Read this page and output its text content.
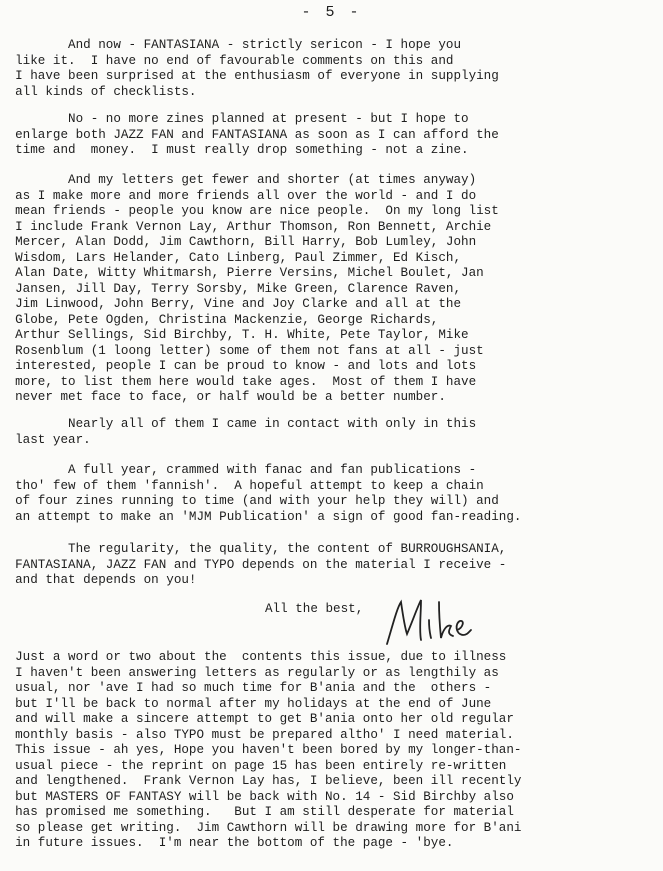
- 5 -
And now - FANTASIANA - strictly sericon - I hope you
like it.  I have no end of favourable comments on this and
I have been surprised at the enthusiasm of everyone in supplying
all kinds of checklists.
No - no more zines planned at present - but I hope to
enlarge both JAZZ FAN and FANTASIANA as soon as I can afford the
time and  money.  I must really drop something - not a zine.
And my letters get fewer and shorter (at times anyway)
as I make more and more friends all over the world - and I do
mean friends - people you know are nice people.  On my long list
I include Frank Vernon Lay, Arthur Thomson, Ron Bennett, Archie
Mercer, Alan Dodd, Jim Cawthorn, Bill Harry, Bob Lumley, John
Wisdom, Lars Helander, Cato Linberg, Paul Zimmer, Ed Kisch,
Alan Date, Witty Whitmarsh, Pierre Versins, Michel Boulet, Jan
Jansen, Jill Day, Terry Sorsby, Mike Green, Clarence Raven,
Jim Linwood, John Berry, Vine and Joy Clarke and all at the
Globe, Pete Ogden, Christina Mackenzie, George Richards,
Arthur Sellings, Sid Birchby, T. H. White, Pete Taylor, Mike
Rosenblum (1 loong letter) some of them not fans at all - just
interested, people I can be proud to know - and lots and lots
more, to list them here would take ages.  Most of them I have
never met face to face, or half would be a better number.
Nearly all of them I came in contact with only in this
last year.
A full year, crammed with fanac and fan publications -
tho' few of them 'fannish'.  A hopeful attempt to keep a chain
of four zines running to time (and with your help they will) and
an attempt to make an 'MJM Publication' a sign of good fan-reading.
The regularity, the quality, the content of BURROUGHSANIA,
FANTASIANA, JAZZ FAN and TYPO depends on the material I receive -
and that depends on you!
All the best,
Just a word or two about the  contents this issue, due to illness
I haven't been answering letters as regularly or as lengthily as
usual, nor 'ave I had so much time for B'ania and the  others -
but I'll be back to normal after my holidays at the end of June
and will make a sincere attempt to get B'ania onto her old regular
monthly basis - also TYPO must be prepared altho' I need material.
This issue - ah yes, Hope you haven't been bored by my longer-than-
usual piece - the reprint on page 15 has been entirely re-written
and lengthened.  Frank Vernon Lay has, I believe, been ill recently
but MASTERS OF FANTASY will be back with No. 14 - Sid Birchby also
has promised me something.   But I am still desperate for material
so please get writing.  Jim Cawthorn will be drawing more for B'ani
in future issues.  I'm near the bottom of the page - 'bye.
